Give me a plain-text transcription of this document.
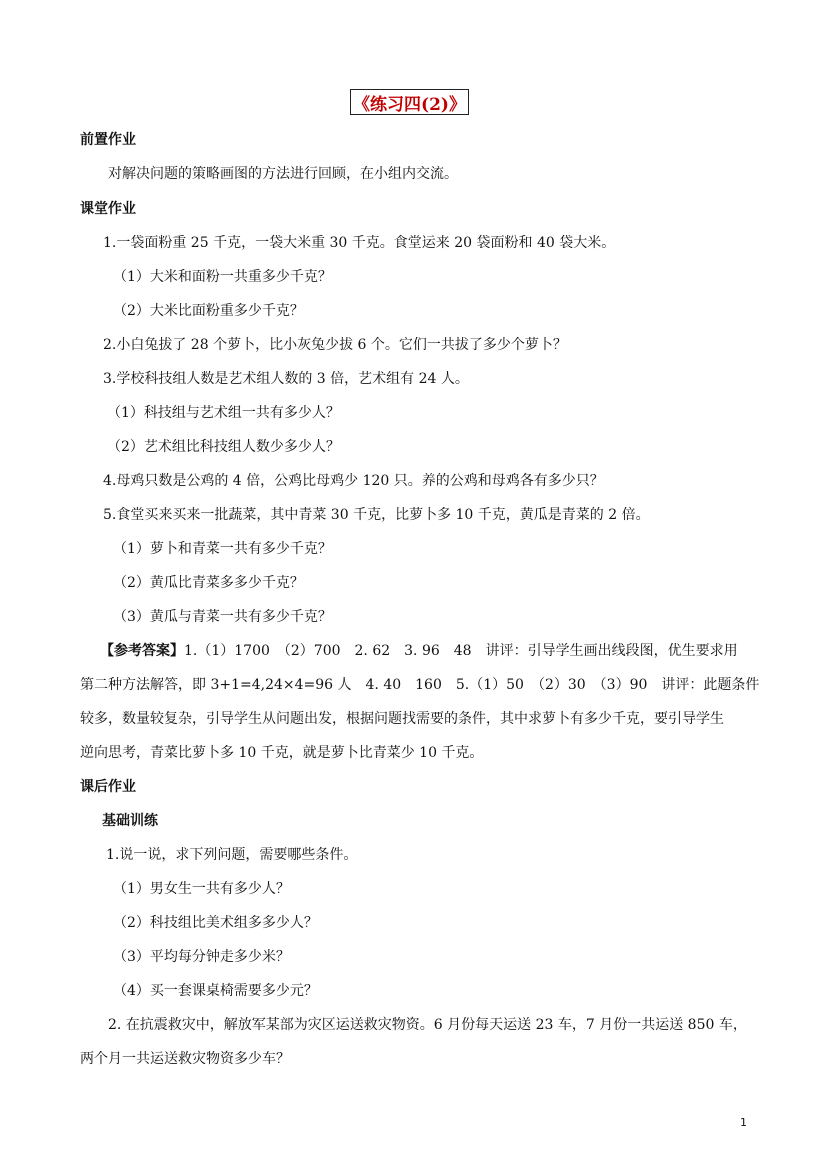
《练习四(2)》
前置作业
对解决问题的策略画图的方法进行回顾，在小组内交流。
课堂作业
1.一袋面粉重 25 千克，一袋大米重 30 千克。食堂运来 20 袋面粉和 40 袋大米。
（1）大米和面粉一共重多少千克？
（2）大米比面粉重多少千克？
2.小白兔拔了 28 个萝卜，比小灰兔少拔 6 个。它们一共拔了多少个萝卜？
3.学校科技组人数是艺术组人数的 3 倍，艺术组有 24 人。
（1）科技组与艺术组一共有多少人？
（2）艺术组比科技组人数少多少人？
4.母鸡只数是公鸡的 4 倍，公鸡比母鸡少 120 只。养的公鸡和母鸡各有多少只？
5.食堂买来买来一批蔬菜，其中青菜 30 千克，比萝卜多 10 千克，黄瓜是青菜的 2 倍。
（1）萝卜和青菜一共有多少千克？
（2）黄瓜比青菜多多少千克？
（3）黄瓜与青菜一共有多少千克？
【参考答案】1.（1）1700　（2）700　2. 62　3. 96　48　讲评：引导学生画出线段图，优生要求用
第二种方法解答，即 3+1=4,24×4=96 人　4. 40　160　5.（1）50　（2）30　（3）90　讲评：此题条件
较多，数量较复杂，引导学生从问题出发，根据问题找需要的条件，其中求萝卜有多少千克，要引导学生
逆向思考，青菜比萝卜多 10 千克，就是萝卜比青菜少 10 千克。
课后作业
基础训练
1.说一说，求下列问题，需要哪些条件。
（1）男女生一共有多少人？
（2）科技组比美术组多多少人？
（3）平均每分钟走多少米？
（4）买一套课桌椅需要多少元？
2. 在抗震救灾中，解放军某部为灾区运送救灾物资。6 月份每天运送 23 车，7 月份一共运送 850 车，
两个月一共运送救灾物资多少车？
1
